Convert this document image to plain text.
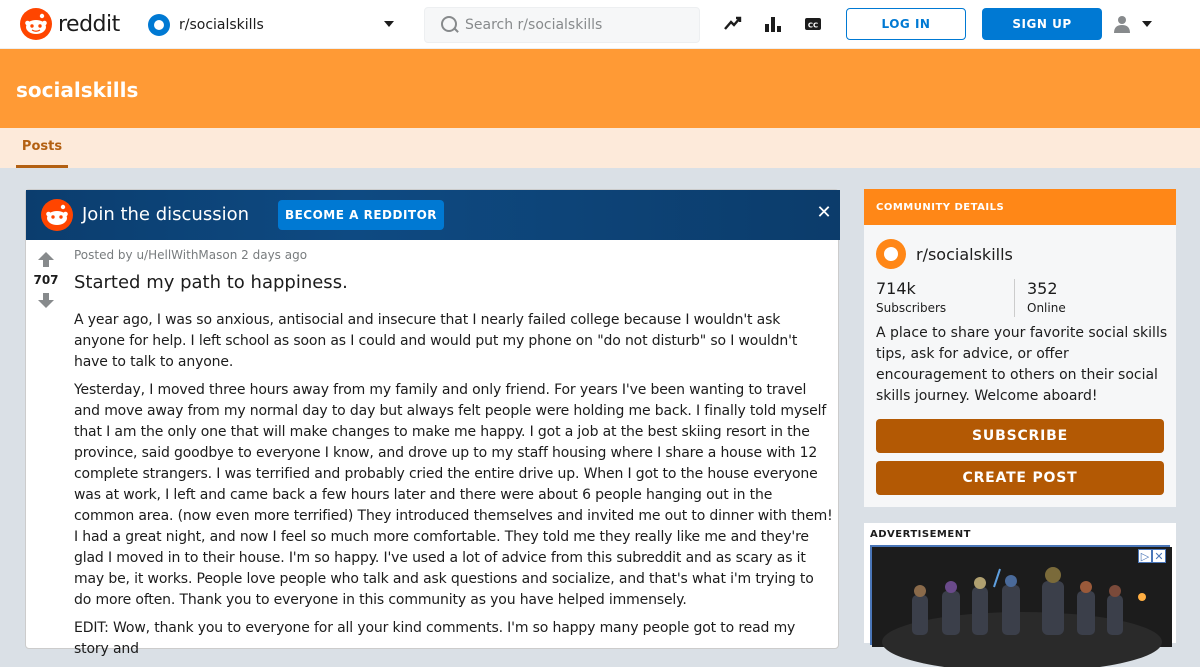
reddit	r/socialskills
Search r/socialskills	CC	LOG IN	SIGN UP
socialskills
Posts
Join the discussion	BECOME A REDDITOR	✕
707
Posted by u/HellWithMason 2 days ago
Started my path to happiness.

A year ago, I was so anxious, antisocial and insecure that I nearly failed college because I wouldn't ask anyone for help. I left school as soon as I could and would put my phone on "do not disturb" so I wouldn't have to talk to anyone.

Yesterday, I moved three hours away from my family and only friend. For years I've been wanting to travel and move away from my normal day to day but always felt people were holding me back. I finally told myself that I am the only one that will make changes to make me happy. I got a job at the best skiing resort in the province, said goodbye to everyone I know, and drove up to my staff housing where I share a house with 12 complete strangers. I was terrified and probably cried the entire drive up. When I got to the house everyone was at work, I left and came back a few hours later and there were about 6 people hanging out in the common area. (now even more terrified) They introduced themselves and invited me out to dinner with them! I had a great night, and now I feel so much more comfortable. They told me they really like me and they're glad I moved in to their house. I'm so happy. I've used a lot of advice from this subreddit and as scary as it may be, it works. People love people who talk and ask questions and socialize, and that's what i'm trying to do more often. Thank you to everyone in this community as you have helped immensely.

EDIT: Wow, thank you to everyone for all your kind comments. I'm so happy many people got to read my story and

COMMUNITY DETAILS
r/socialskills
714k
Subscribers
352
Online
A place to share your favorite social skills tips, ask for advice, or offer encouragement to others on their social skills journey. Welcome aboard!
SUBSCRIBE
CREATE POST
ADVERTISEMENT
▷ ✕
